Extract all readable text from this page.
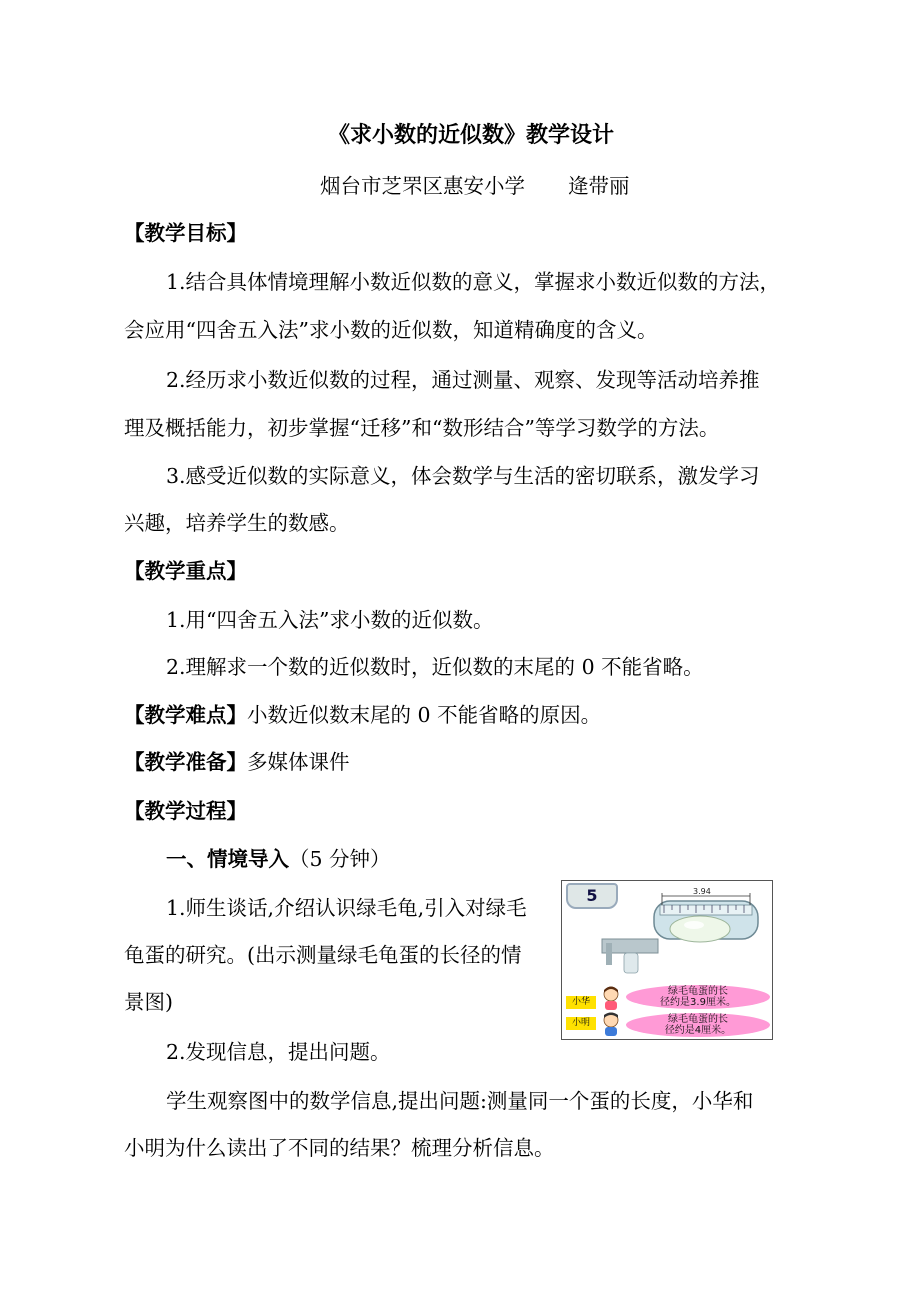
《求小数的近似数》教学设计
烟台市芝罘区惠安小学 逄带丽
【教学目标】
1.结合具体情境理解小数近似数的意义，掌握求小数近似数的方法，
会应用“四舍五入法”求小数的近似数，知道精确度的含义。
2.经历求小数近似数的过程，通过测量、观察、发现等活动培养推
理及概括能力，初步掌握“迁移”和“数形结合”等学习数学的方法。
3.感受近似数的实际意义，体会数学与生活的密切联系，激发学习
兴趣，培养学生的数感。
【教学重点】
1.用“四舍五入法”求小数的近似数。
2.理解求一个数的近似数时，近似数的末尾的 0 不能省略。
【教学难点】小数近似数末尾的 0 不能省略的原因。
【教学准备】多媒体课件
【教学过程】
一、情境导入（5 分钟）
1.师生谈话,介绍认识绿毛龟,引入对绿毛
龟蛋的研究。(出示测量绿毛龟蛋的长径的情
景图)
2.发现信息，提出问题。
学生观察图中的数学信息,提出问题:测量同一个蛋的长度，小华和
小明为什么读出了不同的结果？梳理分析信息。
5	3.94
小华
绿毛龟蛋的长
径约是3.9厘米。
小明	绿毛龟蛋的长
径约是4厘米。
